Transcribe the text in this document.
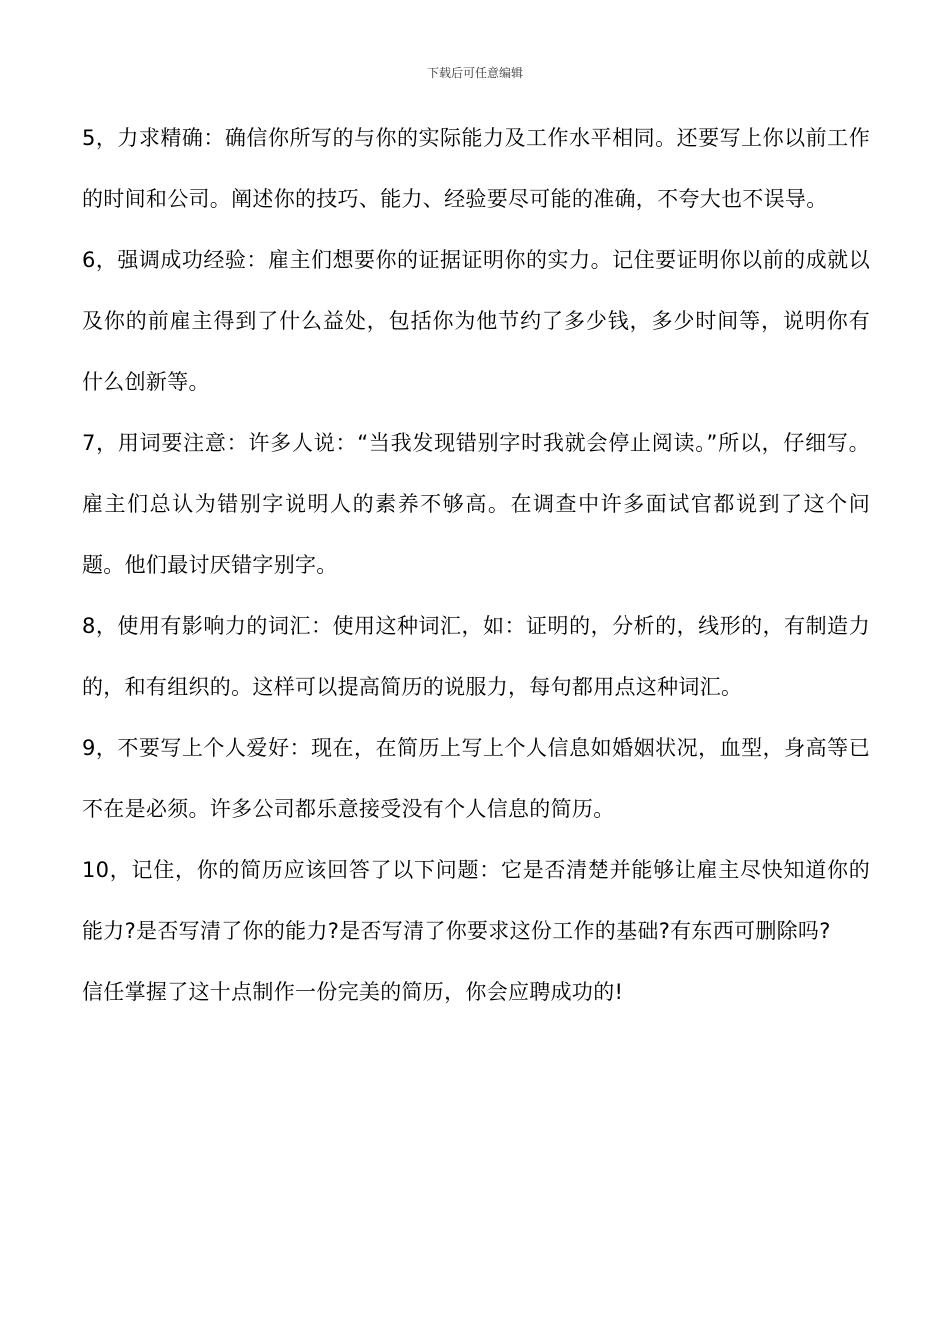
下载后可任意编辑

5，力求精确：确信你所写的与你的实际能力及工作水平相同。还要写上你以前工作的时间和公司。阐述你的技巧、能力、经验要尽可能的准确，不夸大也不误导。

6，强调成功经验：雇主们想要你的证据证明你的实力。记住要证明你以前的成就以及你的前雇主得到了什么益处，包括你为他节约了多少钱，多少时间等，说明你有什么创新等。

7，用词要注意：许多人说：“当我发现错别字时我就会停止阅读。”所以，仔细写。雇主们总认为错别字说明人的素养不够高。在调查中许多面试官都说到了这个问题。他们最讨厌错字别字。

8，使用有影响力的词汇：使用这种词汇，如：证明的，分析的，线形的，有制造力的，和有组织的。这样可以提高简历的说服力，每句都用点这种词汇。

9，不要写上个人爱好：现在，在简历上写上个人信息如婚姻状况，血型，身高等已不在是必须。许多公司都乐意接受没有个人信息的简历。

10，记住，你的简历应该回答了以下问题：它是否清楚并能够让雇主尽快知道你的能力?是否写清了你的能力?是否写清了你要求这份工作的基础?有东西可删除吗?

信任掌握了这十点制作一份完美的简历，你会应聘成功的!
